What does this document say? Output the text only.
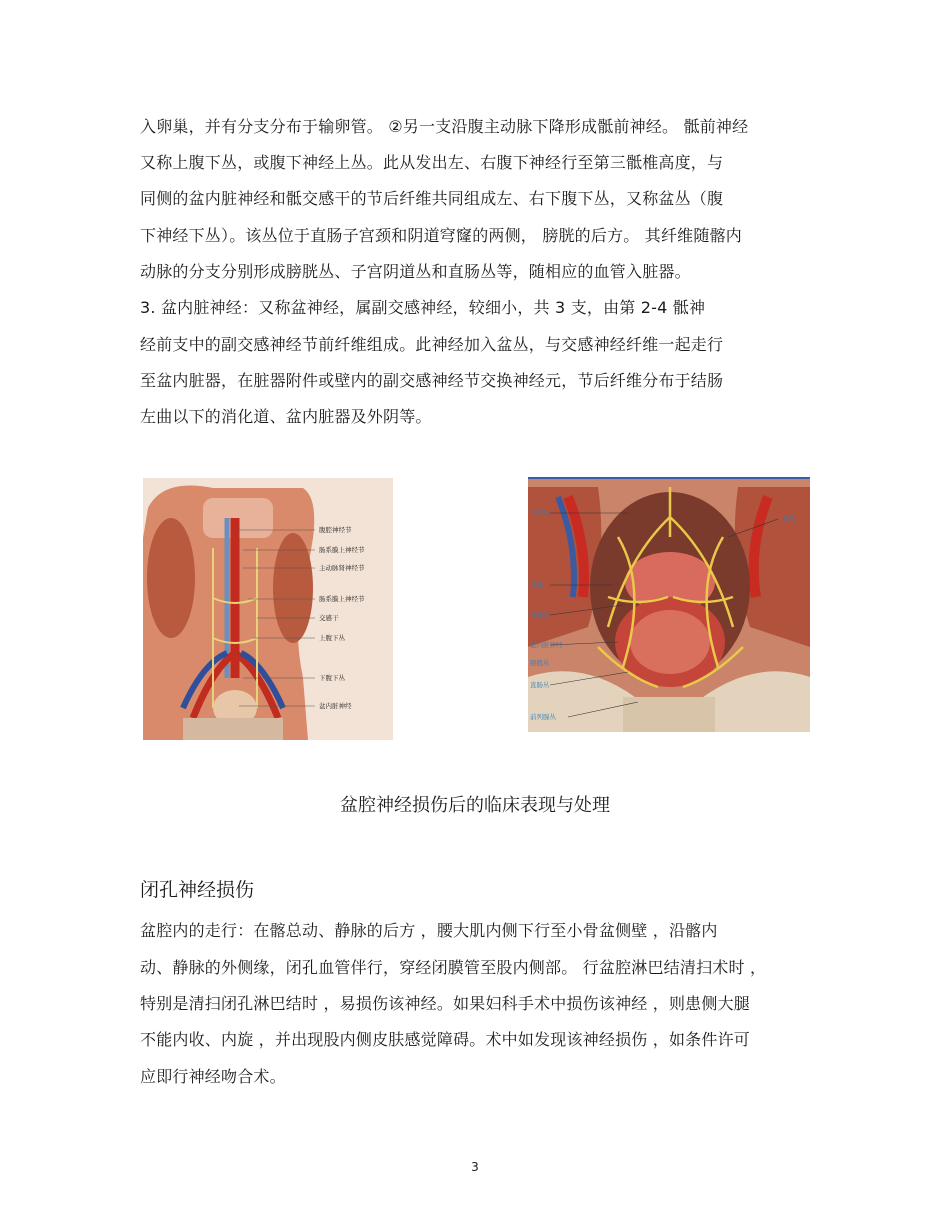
入卵巢，并有分支分布于输卵管。 ②另一支沿腹主动脉下降形成骶前神经。 骶前神经
又称上腹下丛，或腹下神经上丛。此从发出左、右腹下神经行至第三骶椎高度，与
同侧的盆内脏神经和骶交感干的节后纤维共同组成左、右下腹下丛，又称盆丛（腹
下神经下丛）。该丛位于直肠子宫颈和阴道穹窿的两侧， 膀胱的后方。 其纤维随髂内
动脉的分支分别形成膀胱丛、子宫阴道丛和直肠丛等，随相应的血管入脏器。
3. 盆内脏神经：又称盆神经，属副交感神经，较细小，共 3 支，由第 2-4 骶神
经前支中的副交感神经节前纤维组成。此神经加入盆丛，与交感神经纤维一起走行
至盆内脏器，在脏器附件或壁内的副交感神经节交换神经元，节后纤维分布于结肠
左曲以下的消化道、盆内脏器及外阴等。
腹腔神经节
肠系膜上神经节
主动脉肾神经节
肠系膜上神经节
交感干
上腹下丛
下腹下丛
盆内脏神经
下腹丛
直肠
直肠丛
盆内脏神经
膀胱丛
直肠丛
前列腺丛
盆丛
盆腔神经损伤后的临床表现与处理
闭孔神经损伤
盆腔内的走行：在髂总动、静脉的后方 ，腰大肌内侧下行至小骨盆侧壁 ，沿髂内
动、静脉的外侧缘，闭孔血管伴行，穿经闭膜管至股内侧部。 行盆腔淋巴结清扫术时 ，
特别是清扫闭孔淋巴结时 ，易损伤该神经。如果妇科手术中损伤该神经 ，则患侧大腿
不能内收、内旋 ，并出现股内侧皮肤感觉障碍。术中如发现该神经损伤 ，如条件许可
应即行神经吻合术。
3
